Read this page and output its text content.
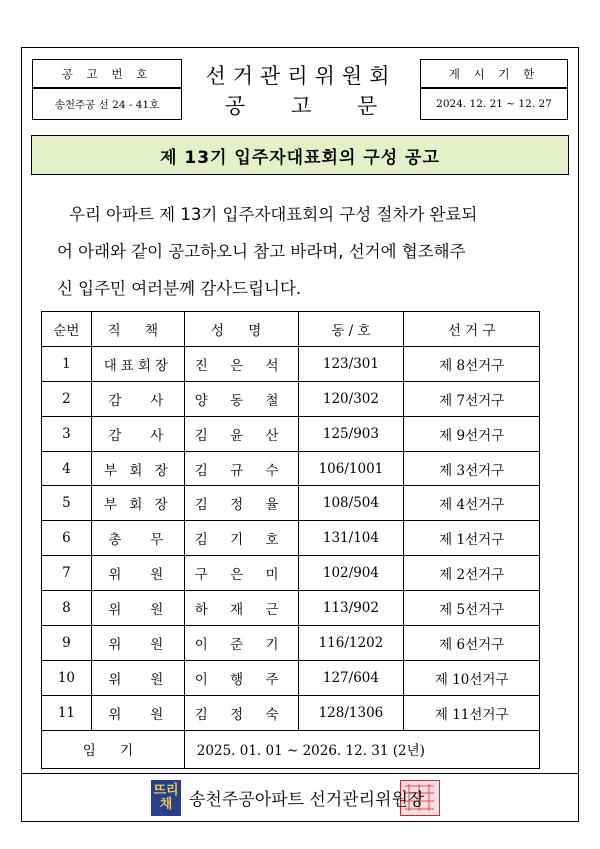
공 고 번 호
송천주공 선 24 - 41호
선거관리위원회
공	고	문
게 시 기 한
2024. 12. 21 ~ 12. 27
제 13기 입주자대표회의 구성 공고
우리 아파트 제 13기 입주자대표회의 구성 절차가 완료되
어 아래와 같이 공고하오니 참고 바라며, 선거에 협조해주
신 입주민 여러분께 감사드립니다.
순번	직 책	성 명	동 / 호	선 거 구
1	대표회장	진 은 석	123/301	제 8선거구
2	감   사	양 동 철	120/302	제 7선거구
3	감   사	김 윤 산	125/903	제 9선거구
4	부 회 장	김 규 수	106/1001	제 3선거구
5	부 회 장	김 정 율	108/504	제 4선거구
6	총   무	김 기 호	131/104	제 1선거구
7	위   원	구 은 미	102/904	제 2선거구
8	위   원	하 재 근	113/902	제 5선거구
9	위   원	이 준 기	116/1202	제 6선거구
10	위   원	이 행 주	127/604	제 10선거구
11	위   원	김 정 숙	128/1306	제 11선거구
임 기		2025. 01. 01 ~ 2026. 12. 31 (2년)		
뜨리
채 송천주공아파트 선거관리위원장
